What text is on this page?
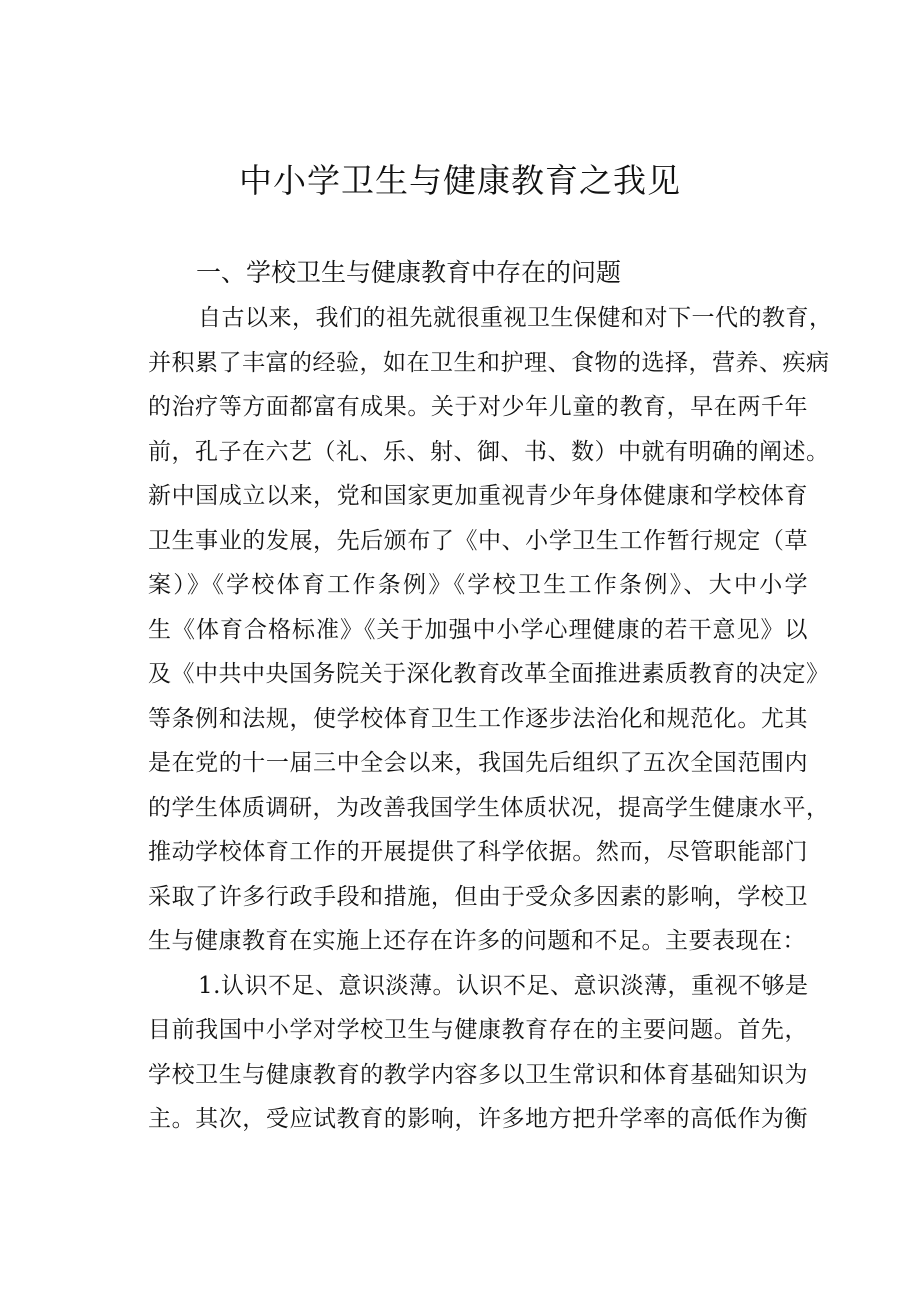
中小学卫生与健康教育之我见
一、学校卫生与健康教育中存在的问题
自古以来，我们的祖先就很重视卫生保健和对下一代的教育，
并积累了丰富的经验，如在卫生和护理、食物的选择，营养、疾病
的治疗等方面都富有成果。关于对少年儿童的教育，早在两千年
前，孔子在六艺（礼、乐、射、御、书、数）中就有明确的阐述。
新中国成立以来，党和国家更加重视青少年身体健康和学校体育
卫生事业的发展，先后颁布了《中、小学卫生工作暂行规定（草
案）》《学校体育工作条例》《学校卫生工作条例》、大中小学
生《体育合格标准》《关于加强中小学心理健康的若干意见》以
及《中共中央国务院关于深化教育改革全面推进素质教育的决定》
等条例和法规，使学校体育卫生工作逐步法治化和规范化。尤其
是在党的十一届三中全会以来，我国先后组织了五次全国范围内
的学生体质调研，为改善我国学生体质状况，提高学生健康水平，
推动学校体育工作的开展提供了科学依据。然而，尽管职能部门
采取了许多行政手段和措施，但由于受众多因素的影响，学校卫
生与健康教育在实施上还存在许多的问题和不足。主要表现在：
1.认识不足、意识淡薄。认识不足、意识淡薄，重视不够是
目前我国中小学对学校卫生与健康教育存在的主要问题。首先，
学校卫生与健康教育的教学内容多以卫生常识和体育基础知识为
主。其次，受应试教育的影响，许多地方把升学率的高低作为衡
